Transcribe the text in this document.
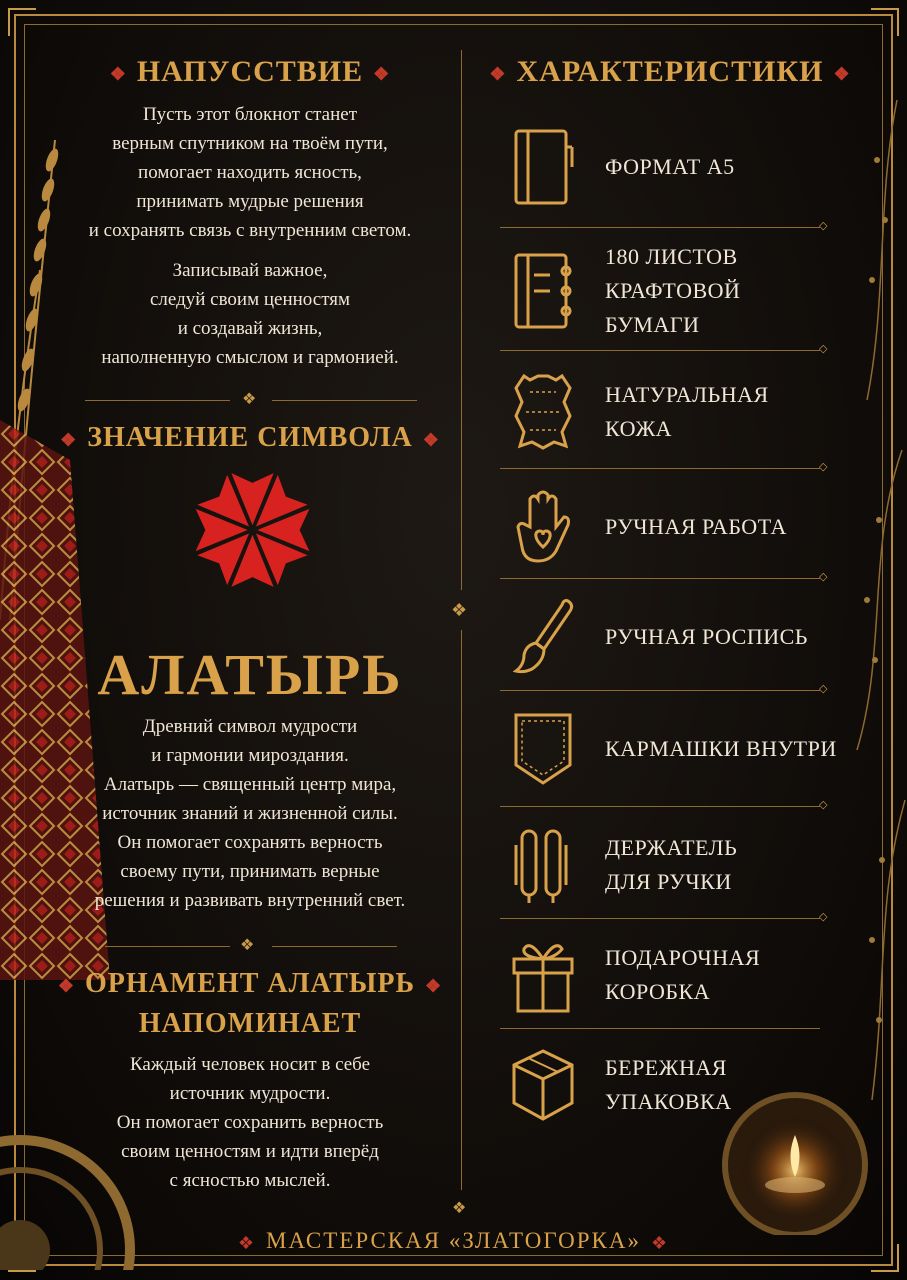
❖ НАПУССТВИЕ ❖
Пусть этот блокнот станет
верным спутником на твоём пути,
помогает находить ясность,
принимать мудрые решения
и сохранять связь с внутренним светом.
Записывай важное,
следуй своим ценностям
и создавай жизнь,
наполненную смыслом и гармонией.
❖
❖ ЗНАЧЕНИЕ СИМВОЛА ❖
АЛАТЫРЬ
Древний символ мудрости
и гармонии мироздания.
Алатырь — священный центр мира,
источник знаний и жизненной силы.
Он помогает сохранять верность
своему пути, принимать верные
решения и развивать внутренний свет.
❖
❖ ОРНАМЕНТ АЛАТЫРЬ ❖
НАПОМИНАЕТ
Каждый человек носит в себе
источник мудрости.
Он помогает сохранить верность
своим ценностям и идти вперёд
с ясностью мыслей.
❖
❖ ХАРАКТЕРИСТИКИ ❖
ФОРМАТ А5
◇
180 ЛИСТОВ
КРАФТОВОЙ БУМАГИ
◇
НАТУРАЛЬНАЯ КОЖА
◇
РУЧНАЯ РАБОТА
◇
РУЧНАЯ РОСПИСЬ
◇
КАРМАШКИ ВНУТРИ
◇
ДЕРЖАТЕЛЬ
ДЛЯ РУЧКИ
◇
ПОДАРОЧНАЯ
КОРОБКА
БЕРЕЖНАЯ
УПАКОВКА
❖
❖ МАСТЕРСКАЯ «ЗЛАТОГОРКА» ❖
